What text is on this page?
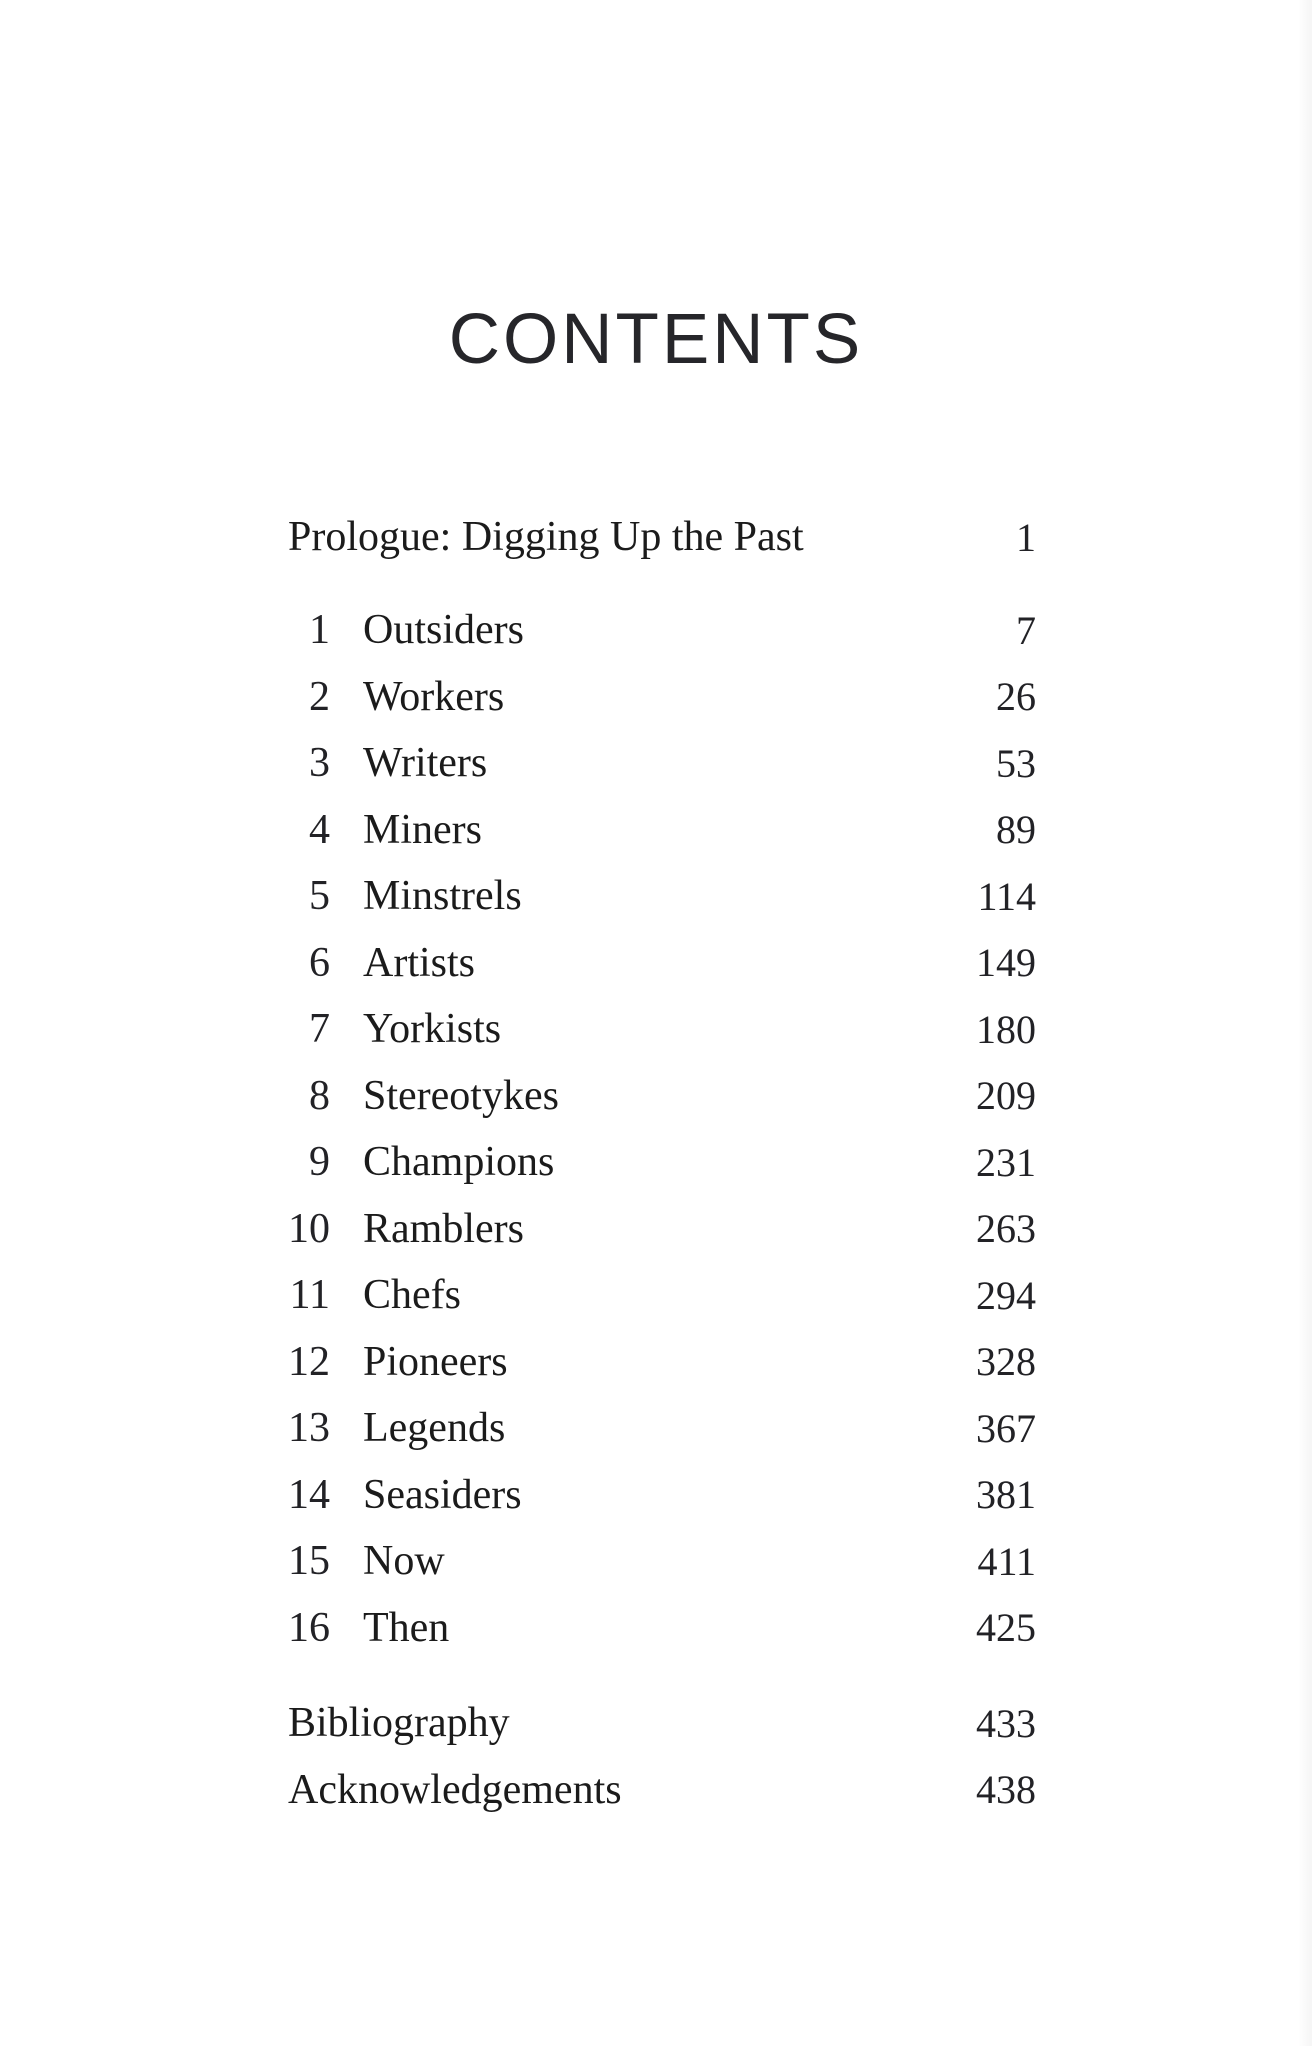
CONTENTS
Prologue: Digging Up the Past	1
1 Outsiders	7
2 Workers	26
3 Writers	53
4 Miners	89
5 Minstrels	114
6 Artists	149
7 Yorkists	180
8 Stereotykes	209
9 Champions	231
10 Ramblers	263
11 Chefs	294
12 Pioneers	328
13 Legends	367
14 Seasiders	381
15 Now	411
16 Then	425
Bibliography	433
Acknowledgements	438
